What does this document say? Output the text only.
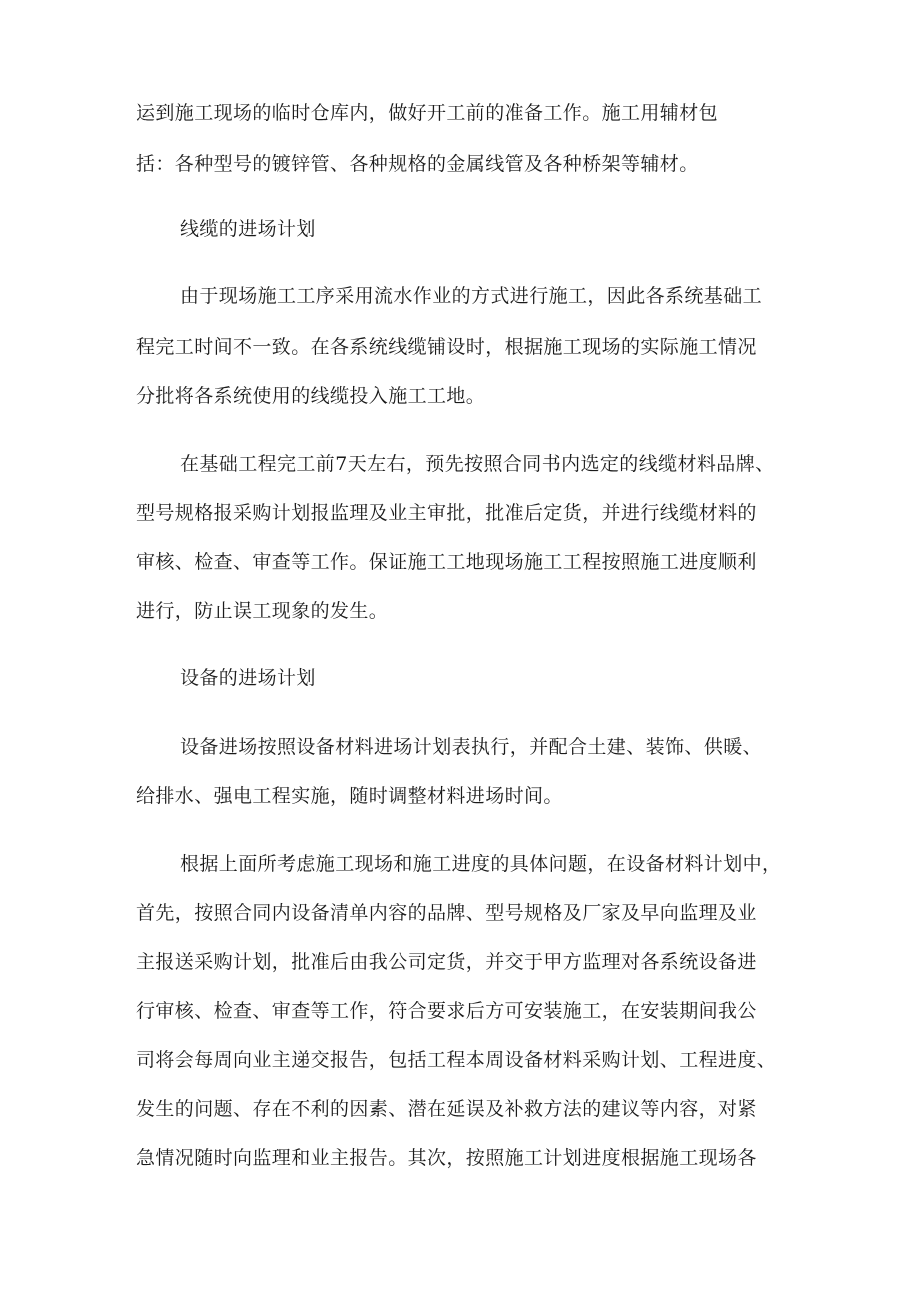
运到施工现场的临时仓库内，做好开工前的准备工作。施工用辅材包
括：各种型号的镀锌管、各种规格的金属线管及各种桥架等辅材。
线缆的进场计划
由于现场施工工序采用流水作业的方式进行施工，因此各系统基础工
程完工时间不一致。在各系统线缆铺设时，根据施工现场的实际施工情况
分批将各系统使用的线缆投入施工工地。
在基础工程完工前7天左右，预先按照合同书内选定的线缆材料品牌、
型号规格报采购计划报监理及业主审批，批准后定货，并进行线缆材料的
审核、检查、审查等工作。保证施工工地现场施工工程按照施工进度顺利
进行，防止误工现象的发生。
设备的进场计划
设备进场按照设备材料进场计划表执行，并配合土建、装饰、供暖、
给排水、强电工程实施，随时调整材料进场时间。
根据上面所考虑施工现场和施工进度的具体问题，在设备材料计划中，
首先，按照合同内设备清单内容的品牌、型号规格及厂家及早向监理及业
主报送采购计划，批准后由我公司定货，并交于甲方监理对各系统设备进
行审核、检查、审查等工作，符合要求后方可安装施工，在安装期间我公
司将会每周向业主递交报告，包括工程本周设备材料采购计划、工程进度、
发生的问题、存在不利的因素、潜在延误及补救方法的建议等内容，对紧
急情况随时向监理和业主报告。其次，按照施工计划进度根据施工现场各
